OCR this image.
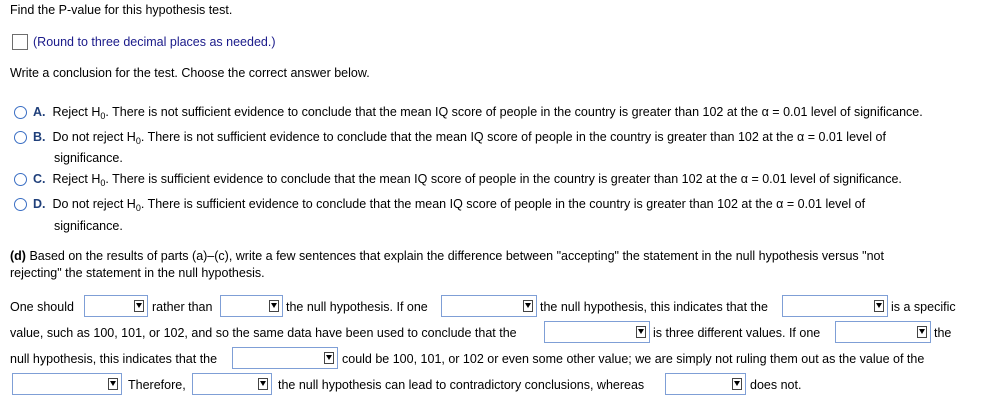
Find the P-value for this hypothesis test.
(Round to three decimal places as needed.)
Write a conclusion for the test. Choose the correct answer below.
A. Reject $H_0$. There is not sufficient evidence to conclude that the mean IQ score of people in the country is greater than 102 at the α = 0.01 level of significance.
B. Do not reject $H_0$. There is not sufficient evidence to conclude that the mean IQ score of people in the country is greater than 102 at the α = 0.01 level of
significance.
C. Reject $H_0$. There is sufficient evidence to conclude that the mean IQ score of people in the country is greater than 102 at the α = 0.01 level of significance.
D. Do not reject $H_0$. There is sufficient evidence to conclude that the mean IQ score of people in the country is greater than 102 at the α = 0.01 level of
significance.
(d) Based on the results of parts (a)–(c), write a few sentences that explain the difference between "accepting" the statement in the null hypothesis versus "not
rejecting" the statement in the null hypothesis.
One should	rather than	the null hypothesis. If one	the null hypothesis, this indicates that the	is a specific
value, such as 100, 101, or 102, and so the same data have been used to conclude that the	is three different values. If one	the
null hypothesis, this indicates that the	could be 100, 101, or 102 or even some other value; we are simply not ruling them out as the value of the
Therefore,	the null hypothesis can lead to contradictory conclusions, whereas	does not.
